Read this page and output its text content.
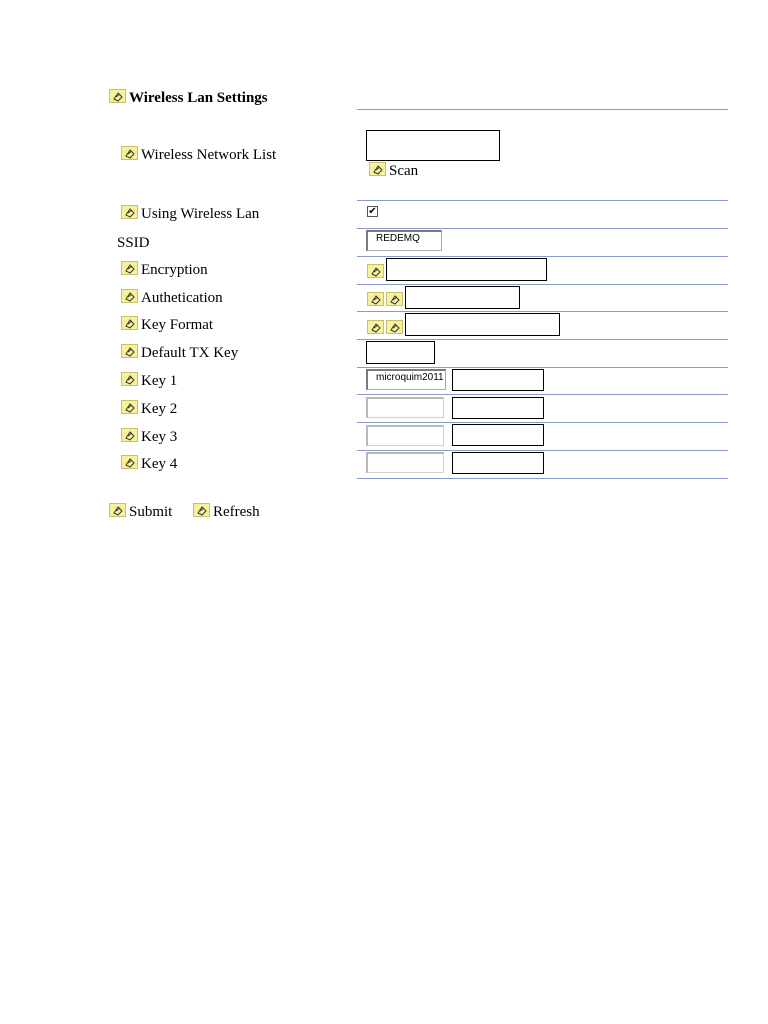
Wireless Lan Settings
Wireless Network List
Scan
Using Wireless Lan	✔
SSID	REDEMQ
Encryption
Authetication
Key Format
Default TX Key
Key 1	microquim2011
Key 2
Key 3
Key 4
Submit	Refresh
